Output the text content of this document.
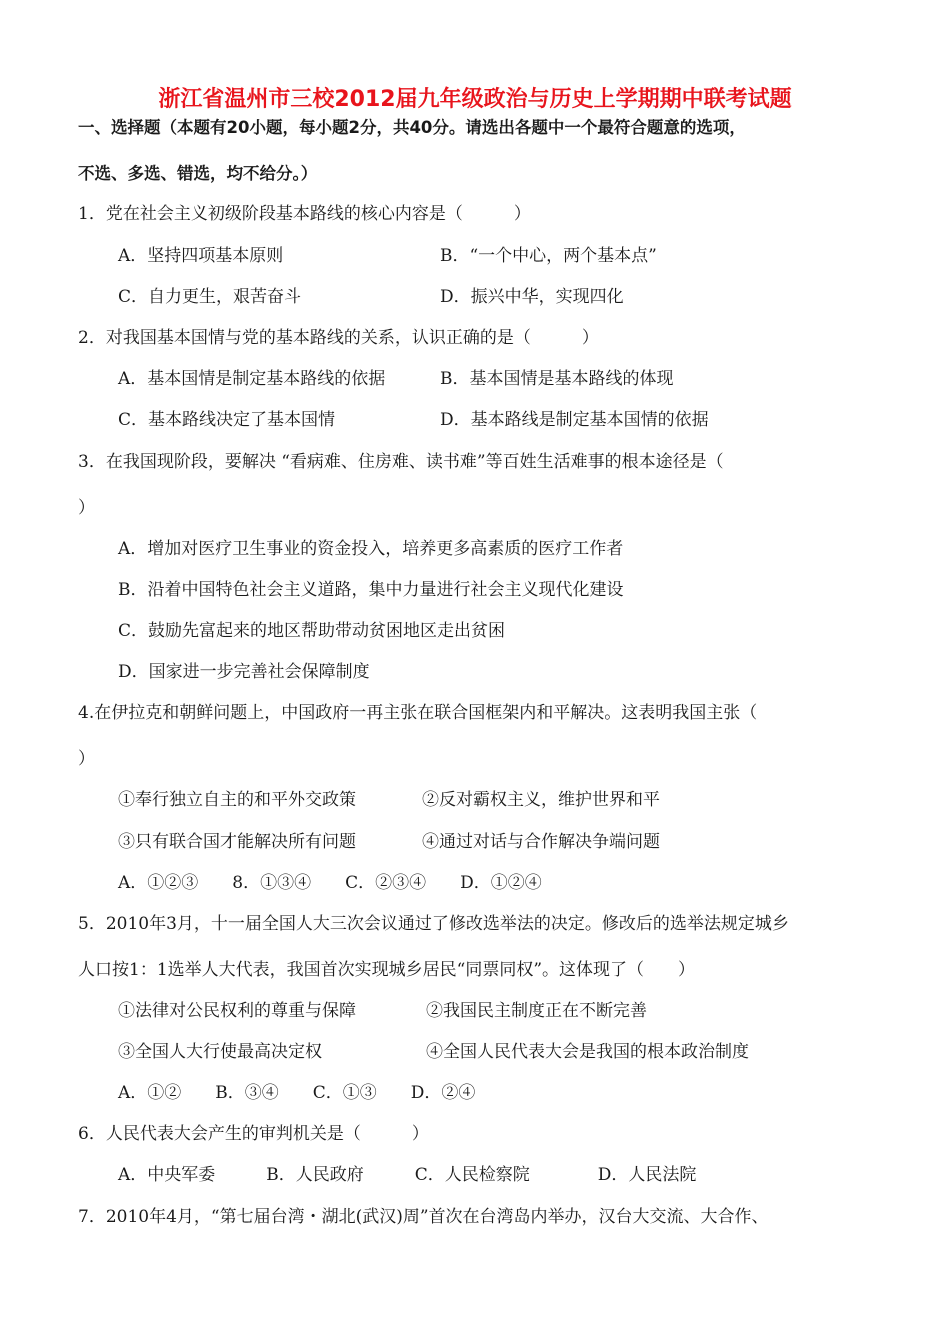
浙江省温州市三校2012届九年级政治与历史上学期期中联考试题
一、选择题（本题有20小题，每小题2分，共40分。请选出各题中一个最符合题意的选项，
不选、多选、错选，均不给分。）
1．党在社会主义初级阶段基本路线的核心内容是（　　　）
A．坚持四项基本原则	B．“一个中心，两个基本点”
C．自力更生，艰苦奋斗	D．振兴中华，实现四化
2．对我国基本国情与党的基本路线的关系，认识正确的是（　　　）
A．基本国情是制定基本路线的依据	B．基本国情是基本路线的体现
C．基本路线决定了基本国情	D．基本路线是制定基本国情的依据
3．在我国现阶段，要解决 “看病难、住房难、读书难”等百姓生活难事的根本途径是（
）
A．增加对医疗卫生事业的资金投入，培养更多高素质的医疗工作者
B．沿着中国特色社会主义道路，集中力量进行社会主义现代化建设
C．鼓励先富起来的地区帮助带动贫困地区走出贫困
D．国家进一步完善社会保障制度
4.在伊拉克和朝鲜问题上，中国政府一再主张在联合国框架内和平解决。这表明我国主张（
）
①奉行独立自主的和平外交政策	②反对霸权主义，维护世界和平
③只有联合国才能解决所有问题	④通过对话与合作解决争端问题
A．①②③　　8．①③④　　C．②③④　　D．①②④
5．2010年3月，十一届全国人大三次会议通过了修改选举法的决定。修改后的选举法规定城乡
人口按1：1选举人大代表，我国首次实现城乡居民“同票同权”。这体现了（　　）
①法律对公民权利的尊重与保障	②我国民主制度正在不断完善
③全国人大行使最高决定权	④全国人民代表大会是我国的根本政治制度
A．①②　　B．③④　　C．①③　　D．②④
6．人民代表大会产生的审判机关是（　　　）
A．中央军委　　　B．人民政府　　　C．人民检察院　　　　D．人民法院
7．2010年4月，“第七届台湾・湖北(武汉)周”首次在台湾岛内举办，汉台大交流、大合作、
